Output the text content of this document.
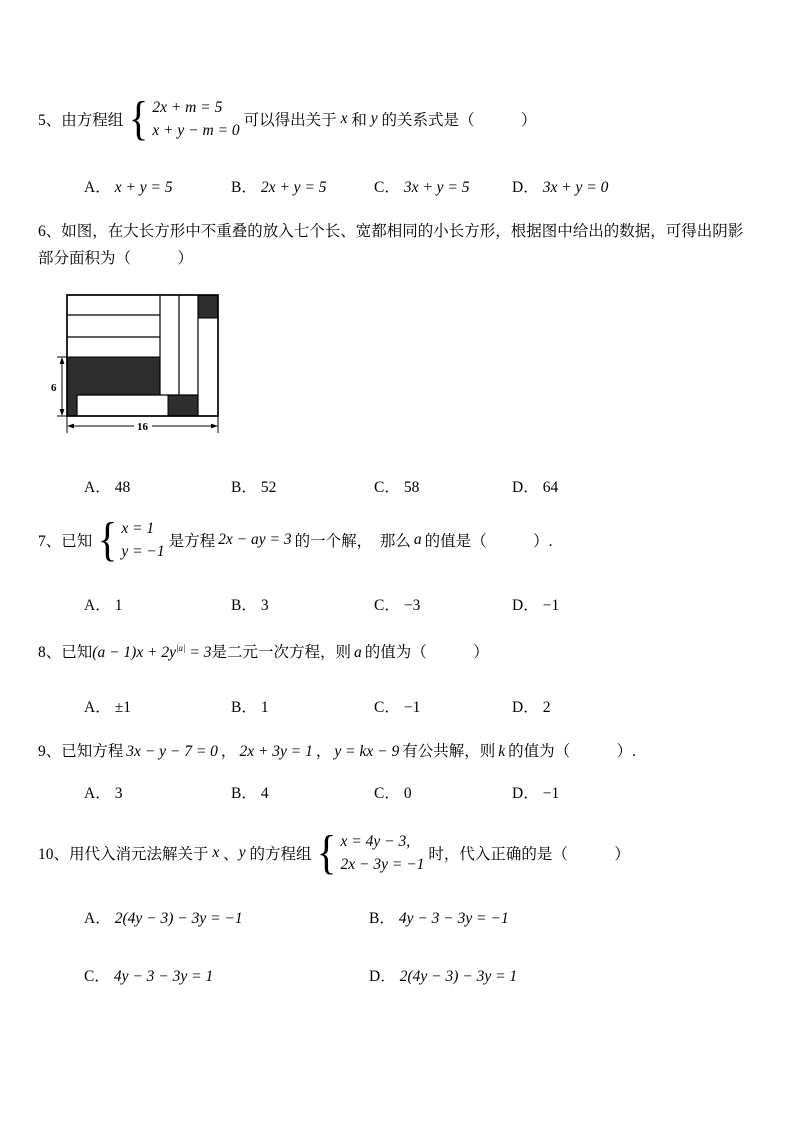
5、 由方程组 { 2x + m = 5
x + y − m = 0
可以得出关于 x 和 y 的关系式是（　　　）
A． x + y = 5	B． 2x + y = 5	C． 3x + y = 5	D． 3x + y = 0
6、如图，在大长方形中不重叠的放入七个长、宽都相同的小长方形，根据图中给出的数据，可得出阴影部分面积为（　　　）
6
16
A． 48	B． 52	C． 58	D． 64
7、 已知 { x = 1
y = −1
是方程 2x − ay = 3 的一个解，　那么 a 的值是（　　　）.
A． 1	B． 3	C． −3	D． −1
8、已知$(a - 1)x + 2y^{|a|} = 3$是二元一次方程，则 a 的值为（　　　）
A． ±1	B． 1	C． −1	D． 2
9、已知方程 3x − y − 7 = 0 ， 2x + 3y = 1 ， y = kx − 9 有公共解，则 k 的值为（　　　）.
A． 3	B． 4	C． 0	D． −1
10、 用代入消元法解关于 x 、 y 的方程组 { x = 4y − 3,
2x − 3y = −1
时，代入正确的是（　　　）
A． 2(4y − 3) − 3y = −1	B． 4y − 3 − 3y = −1
C． 4y − 3 − 3y = 1	D． 2(4y − 3) − 3y = 1
